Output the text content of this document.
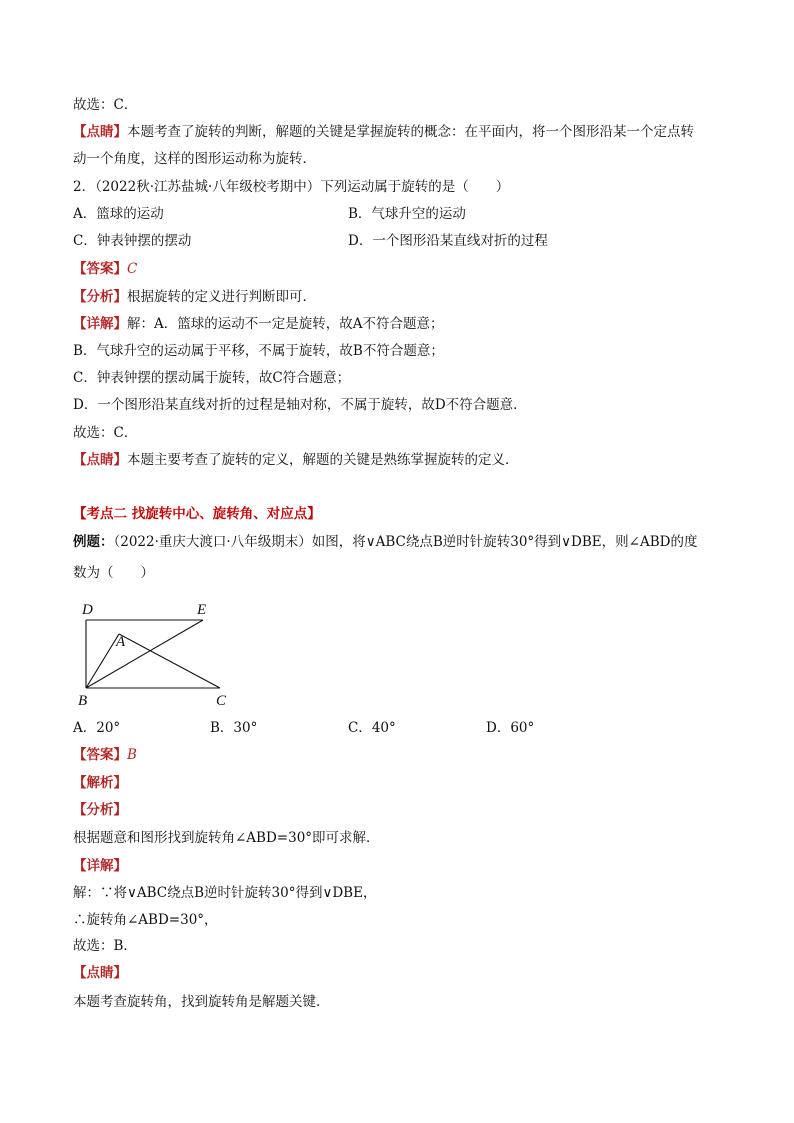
故选：C．
【点睛】本题考查了旋转的判断，解题的关键是掌握旋转的概念：在平面内，将一个图形沿某一个定点转
动一个角度，这样的图形运动称为旋转．
2．（2022秋·江苏盐城·八年级校考期中）下列运动属于旋转的是（　　）
A．篮球的运动	B．气球升空的运动
C．钟表钟摆的摆动	D．一个图形沿某直线对折的过程
【答案】C
【分析】根据旋转的定义进行判断即可．
【详解】解：A．篮球的运动不一定是旋转，故A不符合题意；
B．气球升空的运动属于平移，不属于旋转，故B不符合题意；
C．钟表钟摆的摆动属于旋转，故C符合题意；
D．一个图形沿某直线对折的过程是轴对称，不属于旋转，故D不符合题意．
故选：C．
【点睛】本题主要考查了旋转的定义，解题的关键是熟练掌握旋转的定义．
【考点二 找旋转中心、旋转角、对应点】
例题：（2022·重庆大渡口·八年级期末）如图，将∨ABC绕点B逆时针旋转30°得到∨DBE，则∠ABD的度
数为（　　）
D	E
A
B	C
A．20°	B．30°	C．40°	D．60°
【答案】B
【解析】
【分析】
根据题意和图形找到旋转角∠ABD=30°即可求解．
【详解】
解：∵将∨ABC绕点B逆时针旋转30°得到∨DBE，
∴旋转角∠ABD=30°，
故选：B．
【点睛】
本题考查旋转角，找到旋转角是解题关键．
